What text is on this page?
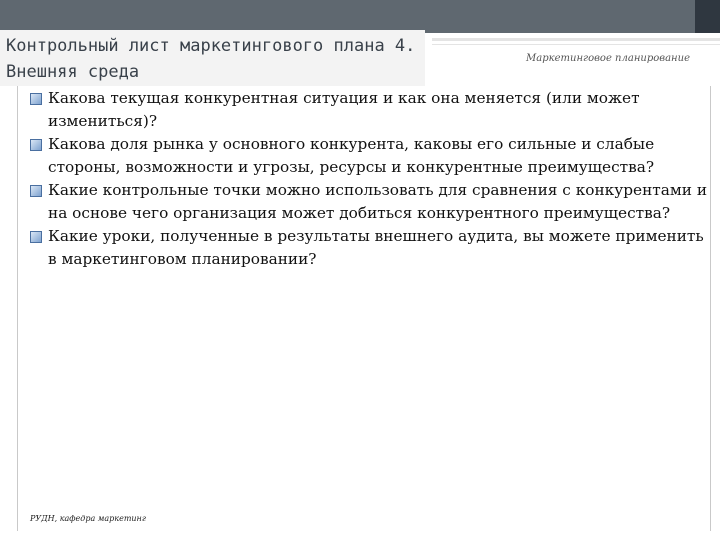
Контрольный лист маркетингового плана 4.
Внешняя среда
Маркетинговое планирование
Какова текущая конкурентная ситуация и как она меняется (или может измениться)?
Какова доля рынка у основного конкурента, каковы его сильные и слабые стороны, возможности и угрозы, ресурсы и конкурентные преимущества?
Какие контрольные точки можно использовать для сравнения с конкурентами и на основе чего организация может добиться конкурентного преимущества?
Какие уроки, полученные в результаты внешнего аудита, вы можете применить в маркетинговом планировании?
РУДН, кафедра маркетинг
